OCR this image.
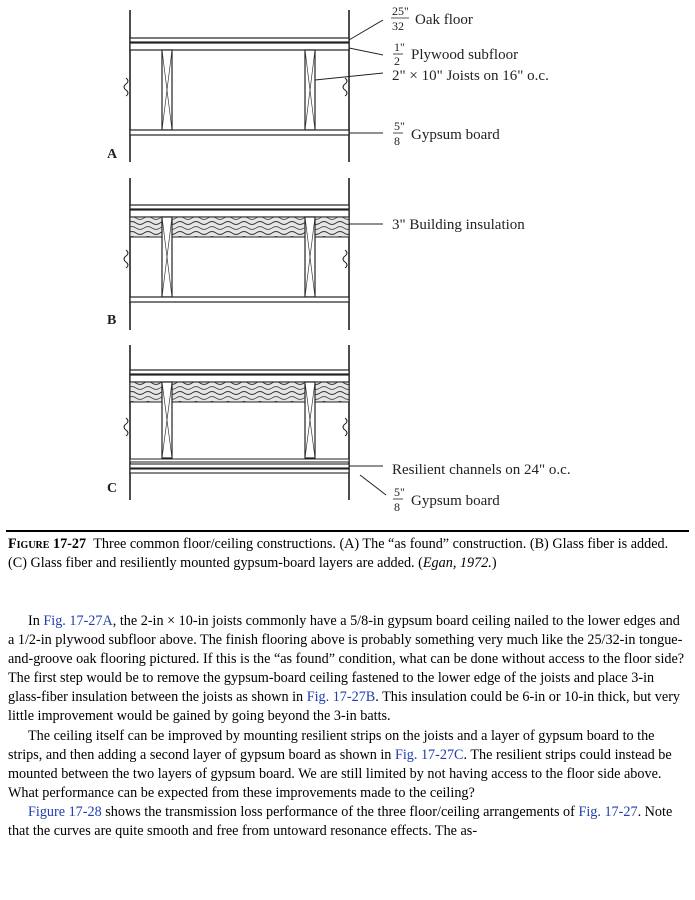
25"
32 Oak floor
1"
2 Plywood subfloor
2" × 10" Joists on 16" o.c.
5"
8 Gypsum board
A
3" Building insulation
B
Resilient channels on 24" o.c.
5"
8 Gypsum board
C
Figure 17-27 Three common floor/ceiling constructions. (A) The “as found” construction. (B) Glass fiber is added. (C) Glass fiber and resiliently mounted gypsum-board layers are added. (Egan, 1972.)

In Fig. 17-27A, the 2-in × 10-in joists commonly have a 5/8-in gypsum board ceiling nailed to the lower edges and a 1/2-in plywood subfloor above. The finish flooring above is probably something very much like the 25/32-in tongue-and-groove oak flooring pictured. If this is the “as found” condition, what can be done without access to the floor side? The first step would be to remove the gypsum-board ceiling fastened to the lower edge of the joists and place 3-in glass-fiber insulation between the joists as shown in Fig. 17-27B. This insulation could be 6-in or 10-in thick, but very little improvement would be gained by going beyond the 3-in batts.

The ceiling itself can be improved by mounting resilient strips on the joists and a layer of gypsum board to the strips, and then adding a second layer of gypsum board as shown in Fig. 17-27C. The resilient strips could instead be mounted between the two layers of gypsum board. We are still limited by not having access to the floor side above. What performance can be expected from these improvements made to the ceiling?

Figure 17-28 shows the transmission loss performance of the three floor/ceiling arrangements of Fig. 17-27. Note that the curves are quite smooth and free from untoward resonance effects. The as-
